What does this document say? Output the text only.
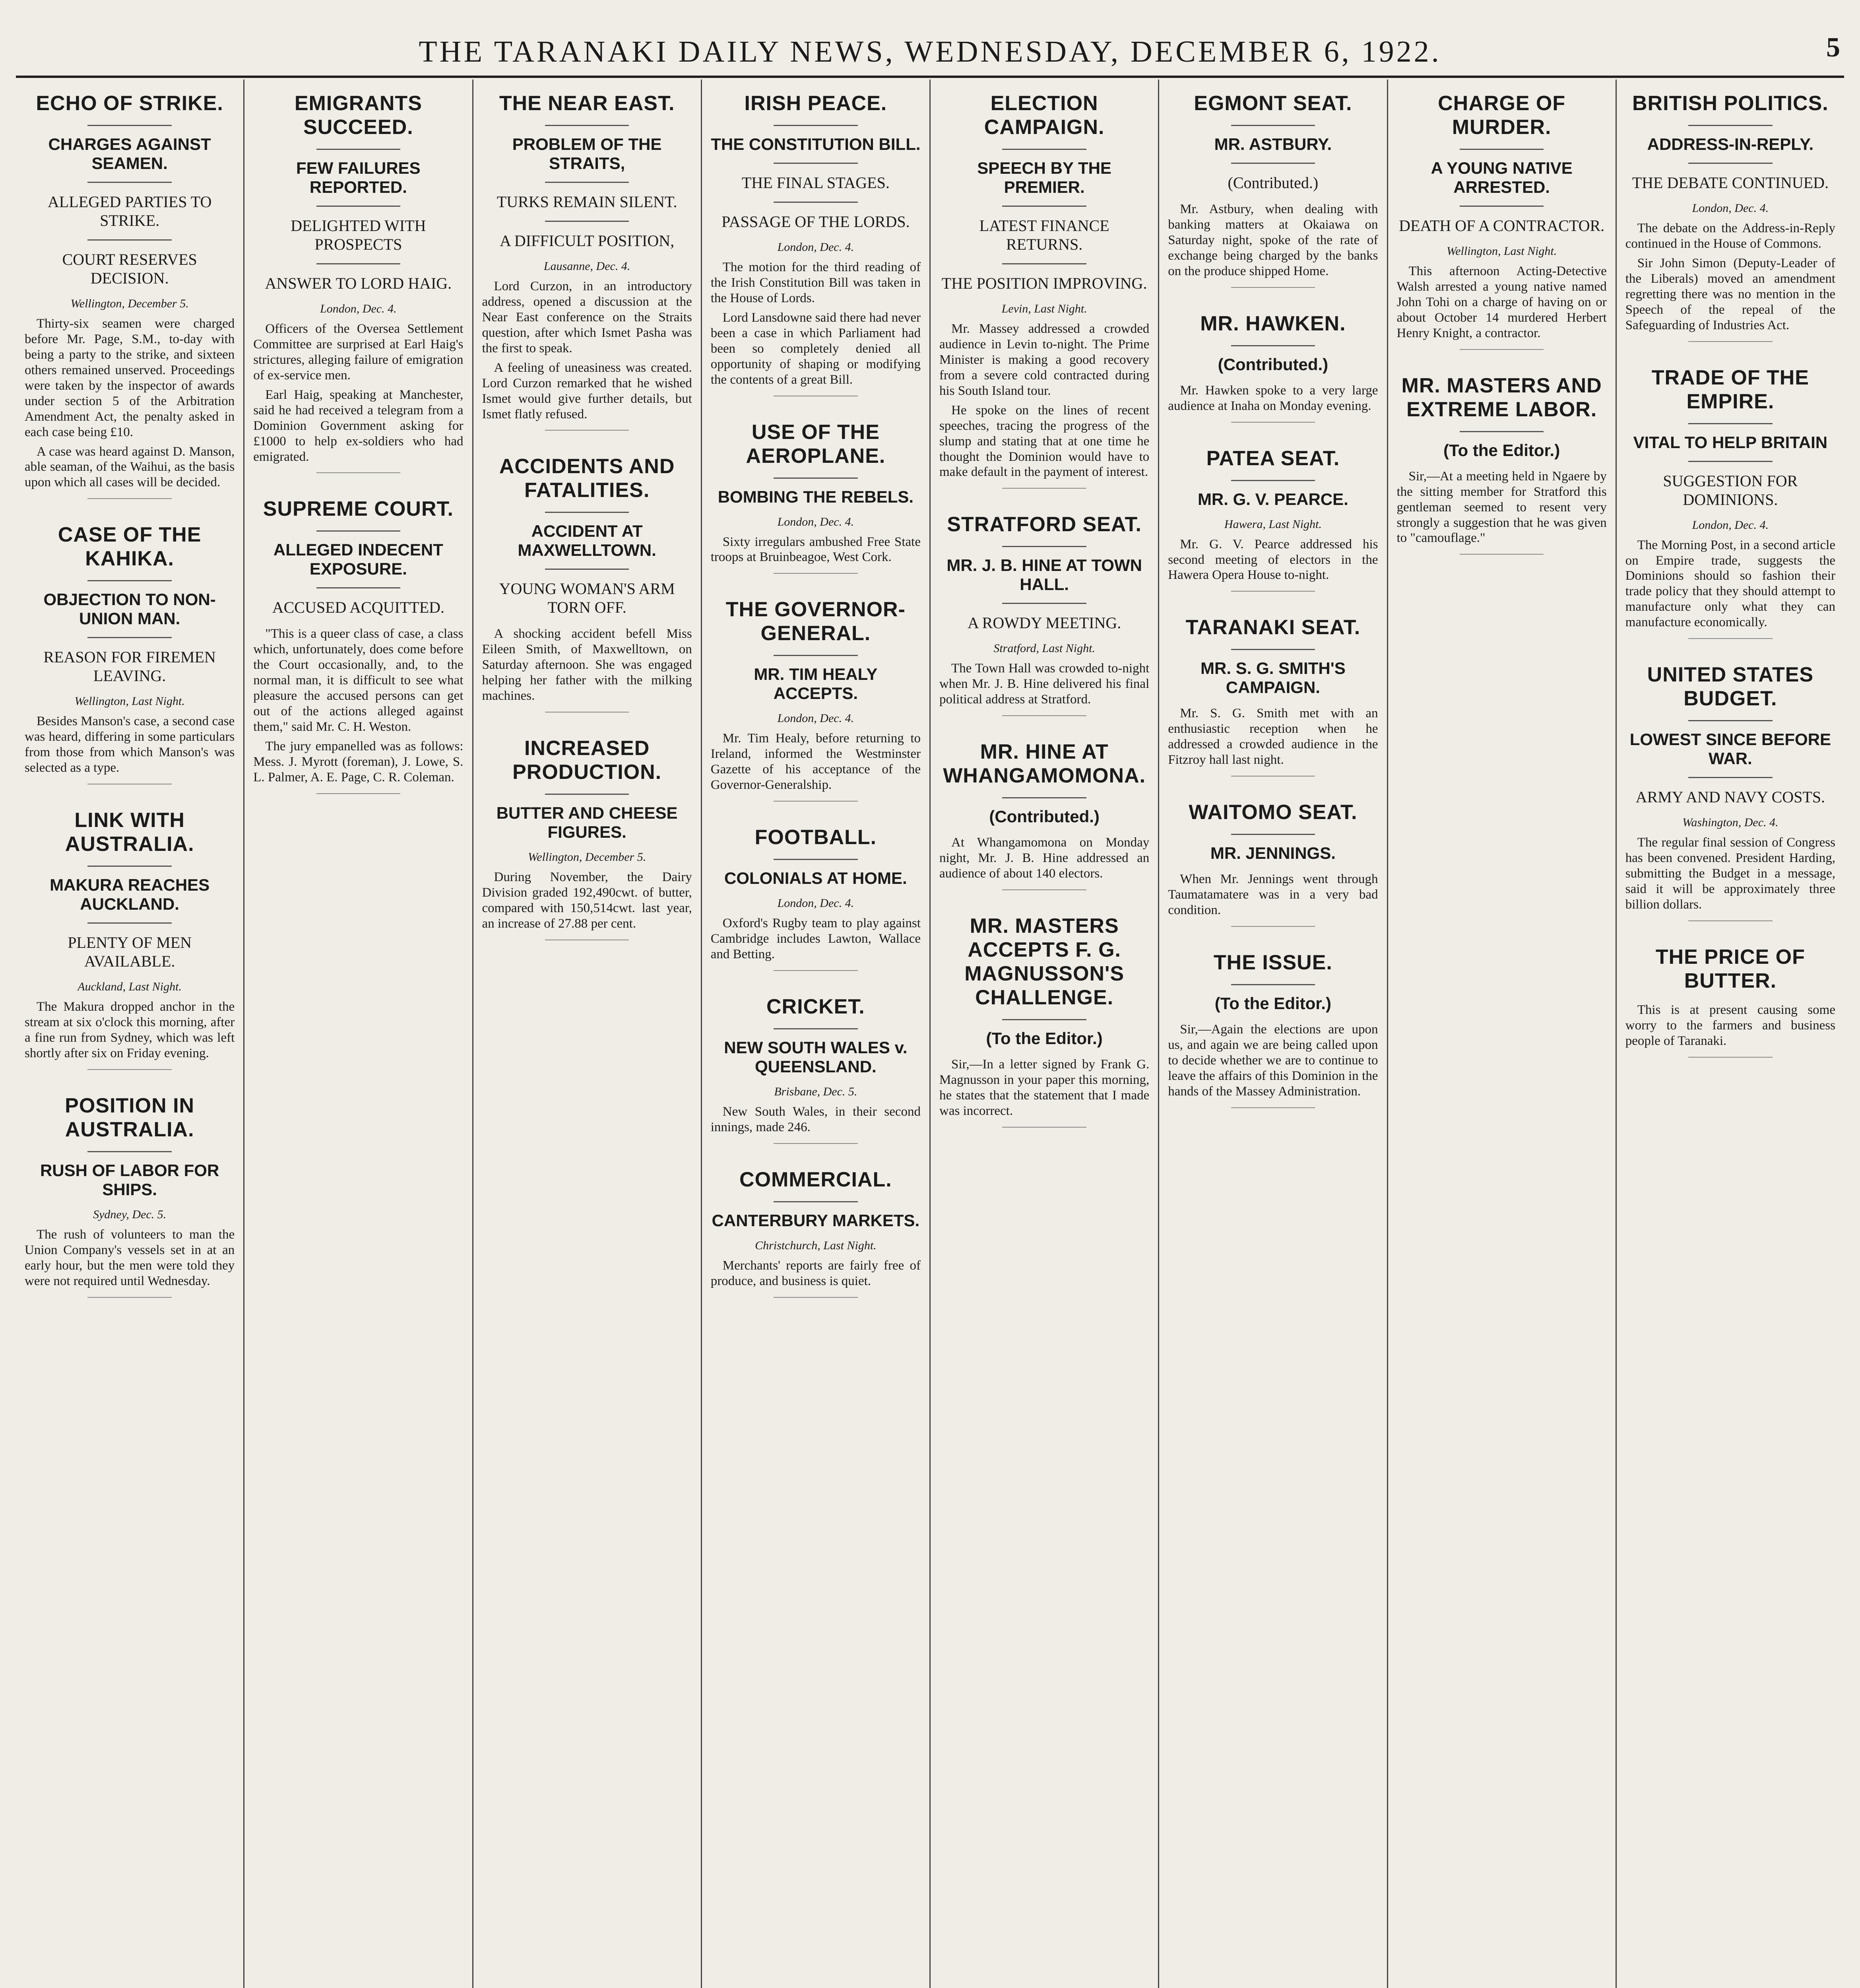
THE TARANAKI DAILY NEWS, WEDNESDAY, DECEMBER 6, 1922.	5
ECHO OF STRIKE.
CHARGES AGAINST SEAMEN.
ALLEGED PARTIES TO STRIKE.
COURT RESERVES DECISION.
Wellington, December 5.

Thirty-six seamen were charged before Mr. Page, S.M., to-day with being a party to the strike, and sixteen others remained unserved. Proceedings were taken by the inspector of awards under section 5 of the Arbitration Amendment Act, the penalty asked in each case being £10.

A case was heard against D. Manson, able seaman, of the Waihui, as the basis upon which all cases will be decided.

CASE OF THE KAHIKA.
OBJECTION TO NON-UNION MAN.
REASON FOR FIREMEN LEAVING.
Wellington, Last Night.

Besides Manson's case, a second case was heard, differing in some particulars from those from which Manson's was selected as a type.

LINK WITH AUSTRALIA.
MAKURA REACHES AUCKLAND.
PLENTY OF MEN AVAILABLE.
Auckland, Last Night.

The Makura dropped anchor in the stream at six o'clock this morning, after a fine run from Sydney, which was left shortly after six on Friday evening.

POSITION IN AUSTRALIA.
RUSH OF LABOR FOR SHIPS.
Sydney, Dec. 5.

The rush of volunteers to man the Union Company's vessels set in at an early hour, but the men were told they were not required until Wednesday.

EMIGRANTS SUCCEED.
FEW FAILURES REPORTED.
DELIGHTED WITH PROSPECTS
ANSWER TO LORD HAIG.
London, Dec. 4.

Officers of the Oversea Settlement Committee are surprised at Earl Haig's strictures, alleging failure of emigration of ex-service men.

Earl Haig, speaking at Manchester, said he had received a telegram from a Dominion Government asking for £1000 to help ex-soldiers who had emigrated.

SUPREME COURT.
ALLEGED INDECENT EXPOSURE.
ACCUSED ACQUITTED.

"This is a queer class of case, a class which, unfortunately, does come before the Court occasionally, and, to the normal man, it is difficult to see what pleasure the accused persons can get out of the actions alleged against them," said Mr. C. H. Weston.

The jury empanelled was as follows: Mess. J. Myrott (foreman), J. Lowe, S. L. Palmer, A. E. Page, C. R. Coleman.

THE NEAR EAST.
PROBLEM OF THE STRAITS,
TURKS REMAIN SILENT.
A DIFFICULT POSITION,
Lausanne, Dec. 4.

Lord Curzon, in an introductory address, opened a discussion at the Near East conference on the Straits question, after which Ismet Pasha was the first to speak.

A feeling of uneasiness was created. Lord Curzon remarked that he wished Ismet would give further details, but Ismet flatly refused.

ACCIDENTS AND FATALITIES.
ACCIDENT AT MAXWELLTOWN.
YOUNG WOMAN'S ARM TORN OFF.

A shocking accident befell Miss Eileen Smith, of Maxwelltown, on Saturday afternoon. She was engaged helping her father with the milking machines.

INCREASED PRODUCTION.
BUTTER AND CHEESE FIGURES.
Wellington, December 5.

During November, the Dairy Division graded 192,490cwt. of butter, compared with 150,514cwt. last year, an increase of 27.88 per cent.

IRISH PEACE.
THE CONSTITUTION BILL.
THE FINAL STAGES.
PASSAGE OF THE LORDS.
London, Dec. 4.

The motion for the third reading of the Irish Constitution Bill was taken in the House of Lords.

Lord Lansdowne said there had never been a case in which Parliament had been so completely denied all opportunity of shaping or modifying the contents of a great Bill.

USE OF THE AEROPLANE.
BOMBING THE REBELS.
London, Dec. 4.

Sixty irregulars ambushed Free State troops at Bruinbeagoe, West Cork.

THE GOVERNOR-GENERAL.
MR. TIM HEALY ACCEPTS.
London, Dec. 4.

Mr. Tim Healy, before returning to Ireland, informed the Westminster Gazette of his acceptance of the Governor-Generalship.

FOOTBALL.
COLONIALS AT HOME.
London, Dec. 4.

Oxford's Rugby team to play against Cambridge includes Lawton, Wallace and Betting.

CRICKET.
NEW SOUTH WALES v. QUEENSLAND.
Brisbane, Dec. 5.

New South Wales, in their second innings, made 246.

COMMERCIAL.
CANTERBURY MARKETS.
Christchurch, Last Night.

Merchants' reports are fairly free of produce, and business is quiet.

ELECTION CAMPAIGN.
SPEECH BY THE PREMIER.
LATEST FINANCE RETURNS.
THE POSITION IMPROVING.
Levin, Last Night.

Mr. Massey addressed a crowded audience in Levin to-night. The Prime Minister is making a good recovery from a severe cold contracted during his South Island tour.

He spoke on the lines of recent speeches, tracing the progress of the slump and stating that at one time he thought the Dominion would have to make default in the payment of interest.

STRATFORD SEAT.
MR. J. B. HINE AT TOWN HALL.
A ROWDY MEETING.
Stratford, Last Night.

The Town Hall was crowded to-night when Mr. J. B. Hine delivered his final political address at Stratford.

MR. HINE AT WHANGAMOMONA.
(Contributed.)

At Whangamomona on Monday night, Mr. J. B. Hine addressed an audience of about 140 electors.

MR. MASTERS ACCEPTS F. G. MAGNUSSON'S CHALLENGE.
(To the Editor.)

Sir,—In a letter signed by Frank G. Magnusson in your paper this morning, he states that the statement that I made was incorrect.

EGMONT SEAT.
MR. ASTBURY.
(Contributed.)

Mr. Astbury, when dealing with banking matters at Okaiawa on Saturday night, spoke of the rate of exchange being charged by the banks on the produce shipped Home.

MR. HAWKEN.
(Contributed.)

Mr. Hawken spoke to a very large audience at Inaha on Monday evening.

PATEA SEAT.
MR. G. V. PEARCE.
Hawera, Last Night.

Mr. G. V. Pearce addressed his second meeting of electors in the Hawera Opera House to-night.

TARANAKI SEAT.
MR. S. G. SMITH'S CAMPAIGN.

Mr. S. G. Smith met with an enthusiastic reception when he addressed a crowded audience in the Fitzroy hall last night.

WAITOMO SEAT.
MR. JENNINGS.

When Mr. Jennings went through Taumatamatere was in a very bad condition.

THE ISSUE.
(To the Editor.)

Sir,—Again the elections are upon us, and again we are being called upon to decide whether we are to continue to leave the affairs of this Dominion in the hands of the Massey Administration.

CHARGE OF MURDER.
A YOUNG NATIVE ARRESTED.
DEATH OF A CONTRACTOR.
Wellington, Last Night.

This afternoon Acting-Detective Walsh arrested a young native named John Tohi on a charge of having on or about October 14 murdered Herbert Henry Knight, a contractor.

MR. MASTERS AND EXTREME LABOR.
(To the Editor.)

Sir,—At a meeting held in Ngaere by the sitting member for Stratford this gentleman seemed to resent very strongly a suggestion that he was given to "camouflage."

BRITISH POLITICS.
ADDRESS-IN-REPLY.
THE DEBATE CONTINUED.
London, Dec. 4.

The debate on the Address-in-Reply continued in the House of Commons.

Sir John Simon (Deputy-Leader of the Liberals) moved an amendment regretting there was no mention in the Speech of the repeal of the Safeguarding of Industries Act.

TRADE OF THE EMPIRE.
VITAL TO HELP BRITAIN
SUGGESTION FOR DOMINIONS.
London, Dec. 4.

The Morning Post, in a second article on Empire trade, suggests the Dominions should so fashion their trade policy that they should attempt to manufacture only what they can manufacture economically.

UNITED STATES BUDGET.
LOWEST SINCE BEFORE WAR.
ARMY AND NAVY COSTS.
Washington, Dec. 4.

The regular final session of Congress has been convened. President Harding, submitting the Budget in a message, said it will be approximately three billion dollars.

THE PRICE OF BUTTER.

This is at present causing some worry to the farmers and business people of Taranaki.
